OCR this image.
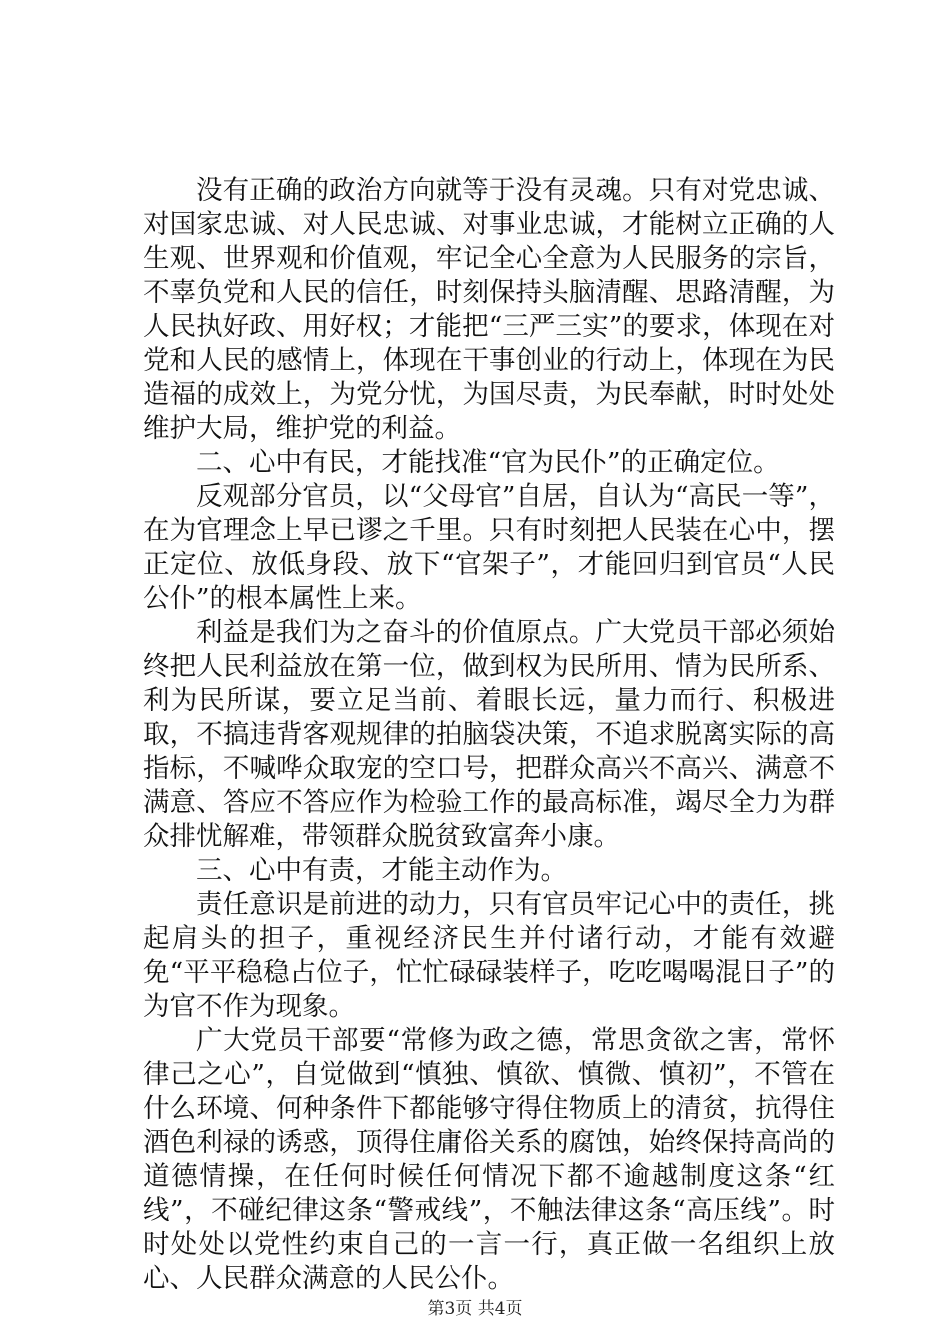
没有正确的政治方向就等于没有灵魂。只有对党忠诚、对国家忠诚、对人民忠诚、对事业忠诚，才能树立正确的人生观、世界观和价值观，牢记全心全意为人民服务的宗旨，不辜负党和人民的信任，时刻保持头脑清醒、思路清醒，为人民执好政、用好权；才能把“三严三实”的要求，体现在对党和人民的感情上，体现在干事创业的行动上，体现在为民造福的成效上，为党分忧，为国尽责，为民奉献，时时处处维护大局，维护党的利益。

二、心中有民，才能找准“官为民仆”的正确定位。

反观部分官员，以“父母官”自居，自认为“高民一等”，在为官理念上早已谬之千里。只有时刻把人民装在心中，摆正定位、放低身段、放下“官架子”，才能回归到官员“人民公仆”的根本属性上来。

利益是我们为之奋斗的价值原点。广大党员干部必须始终把人民利益放在第一位，做到权为民所用、情为民所系、利为民所谋，要立足当前、着眼长远，量力而行、积极进取，不搞违背客观规律的拍脑袋决策，不追求脱离实际的高指标，不喊哗众取宠的空口号，把群众高兴不高兴、满意不满意、答应不答应作为检验工作的最高标准，竭尽全力为群众排忧解难，带领群众脱贫致富奔小康。

三、心中有责，才能主动作为。

责任意识是前进的动力，只有官员牢记心中的责任，挑起肩头的担子，重视经济民生并付诸行动，才能有效避免“平平稳稳占位子，忙忙碌碌装样子，吃吃喝喝混日子”的为官不作为现象。

广大党员干部要“常修为政之德，常思贪欲之害，常怀律己之心”，自觉做到“慎独、慎欲、慎微、慎初”，不管在什么环境、何种条件下都能够守得住物质上的清贫，抗得住酒色利禄的诱惑，顶得住庸俗关系的腐蚀，始终保持高尚的道德情操，在任何时候任何情况下都不逾越制度这条“红线”，不碰纪律这条“警戒线”，不触法律这条“高压线”。时时处处以党性约束自己的一言一行，真正做一名组织上放心、人民群众满意的人民公仆。

第3页 共4页
